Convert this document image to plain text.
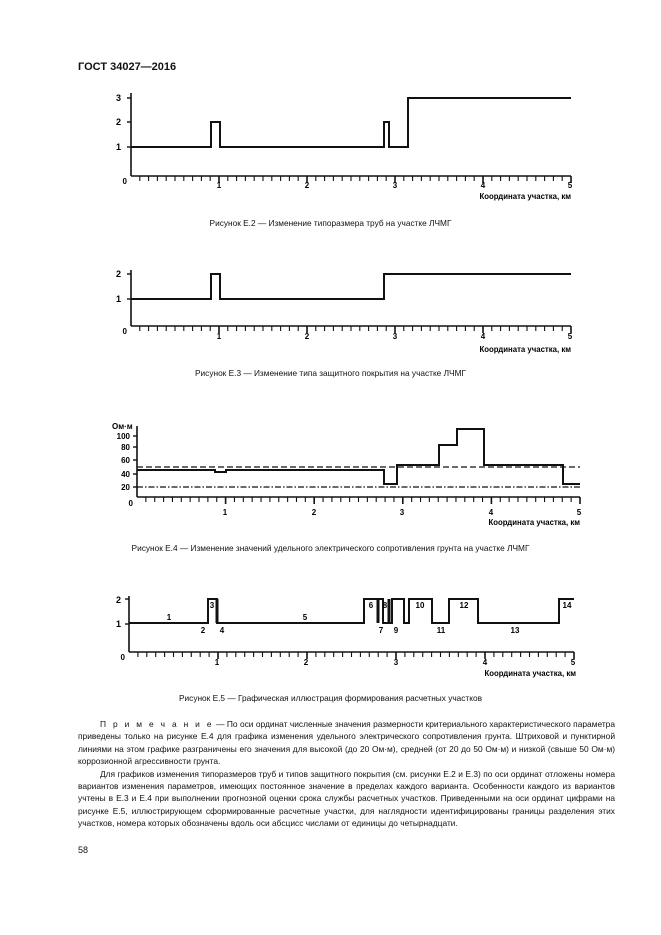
ГОСТ 34027—2016
3
2
1
0	1	2	3	4	5
Координата участка, км
Рисунок Е.2 — Изменение типоразмера труб на участке ЛЧМГ
2
1
0
1	2	3	4	5
Координата участка, км
Рисунок Е.3 — Изменение типа защитного покрытия на участке ЛЧМГ
Ом·м
100
80
60
40
20
0
1	2	3	4	5
Координата участка, км
Рисунок Е.4 — Изменение значений удельного электрического сопротивления грунта на участке ЛЧМГ
2
1
0
1
2
3
4
5
6
7
8
9
10
11
12
13
14
1	2	3	4	5
Координата участка, км
Рисунок Е.5 — Графическая иллюстрация формирования расчетных участков

П р и м е ч а н и е — По оси ординат численные значения размерности критериального характеристического параметра приведены только на рисунке Е.4 для графика изменения удельного электрического сопротивления грунта. Штриховой и пунктирной линиями на этом графике разграничены его значения для высокой (до 20 Ом·м), средней (от 20 до 50 Ом·м) и низкой (свыше 50 Ом·м) коррозионной агрессивности грунта.

Для графиков изменения типоразмеров труб и типов защитного покрытия (см. рисунки Е.2 и Е.3) по оси ординат отложены номера вариантов изменения параметров, имеющих постоянное значение в пределах каждого варианта. Особенности каждого из вариантов учтены в Е.3 и Е.4 при выполнении прогнозной оценки срока службы расчетных участков. Приведенными на оси ординат цифрами на рисунке Е.5, иллюстрирующем сформированные расчетные участки, для наглядности идентифицированы границы разделения этих участков, номера которых обозначены вдоль оси абсцисс числами от единицы до четырнадцати.

58
